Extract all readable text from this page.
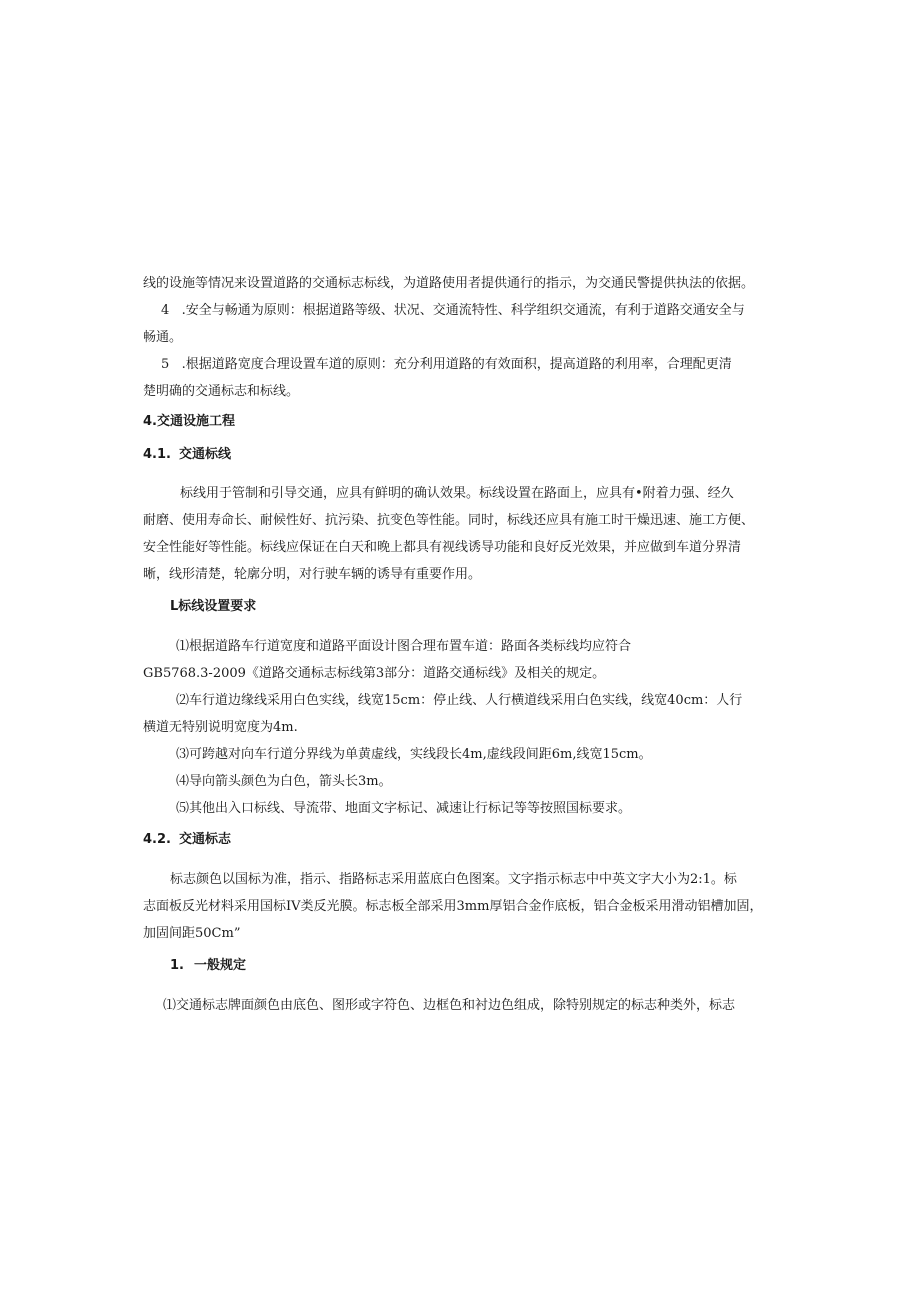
线的设施等情况来设置道路的交通标志标线，为道路使用者提供通行的指示，为交通民警提供执法的依据。
4   .安全与畅通为原则：根据道路等级、状况、交通流特性、科学组织交通流，有利于道路交通安全与
畅通。
5   .根据道路宽度合理设置车道的原则：充分利用道路的有效面积，提高道路的利用率，合理配更清
楚明确的交通标志和标线。
4.交通设施工程
4.1. 交通标线
标线用于管制和引导交通，应具有鲜明的确认效果。标线设置在路面上，应具有•附着力强、经久
耐磨、使用寿命长、耐候性好、抗污染、抗变色等性能。同时，标线还应具有施工时干燥迅速、施工方便、
安全性能好等性能。标线应保证在白天和晚上都具有视线诱导功能和良好反光效果，并应做到车道分界清
晰，线形清楚，轮廓分明，对行驶车辆的诱导有重要作用。
L标线设置要求
⑴根据道路车行道宽度和道路平面设计图合理布置车道：路面各类标线均应符合
GB5768.3-2009《道路交通标志标线第3部分：道路交通标线》及相关的规定。
⑵车行道边缘线采用白色实线，线宽15cm：停止线、人行横道线采用白色实线，线宽40cm：人行
横道无特别说明宽度为4m.
⑶可跨越对向车行道分界线为单黄虚线，实线段长4m,虚线段间距6m,线宽15cm。
⑷导向箭头颜色为白色，箭头长3m。
⑸其他出入口标线、导流带、地面文字标记、减速让行标记等等按照国标要求。
4.2. 交通标志
标志颜色以国标为准，指示、指路标志采用蓝底白色图案。文字指示标志中中英文字大小为2:1。标
志面板反光材料采用国标IV类反光膜。标志板全部采用3mm厚铝合金作底板，铝合金板采用滑动铝槽加固，
加固间距50Cm”
1. 一般规定
⑴交通标志牌面颜色由底色、图形或字符色、边框色和衬边色组成，除特别规定的标志种类外，标志
